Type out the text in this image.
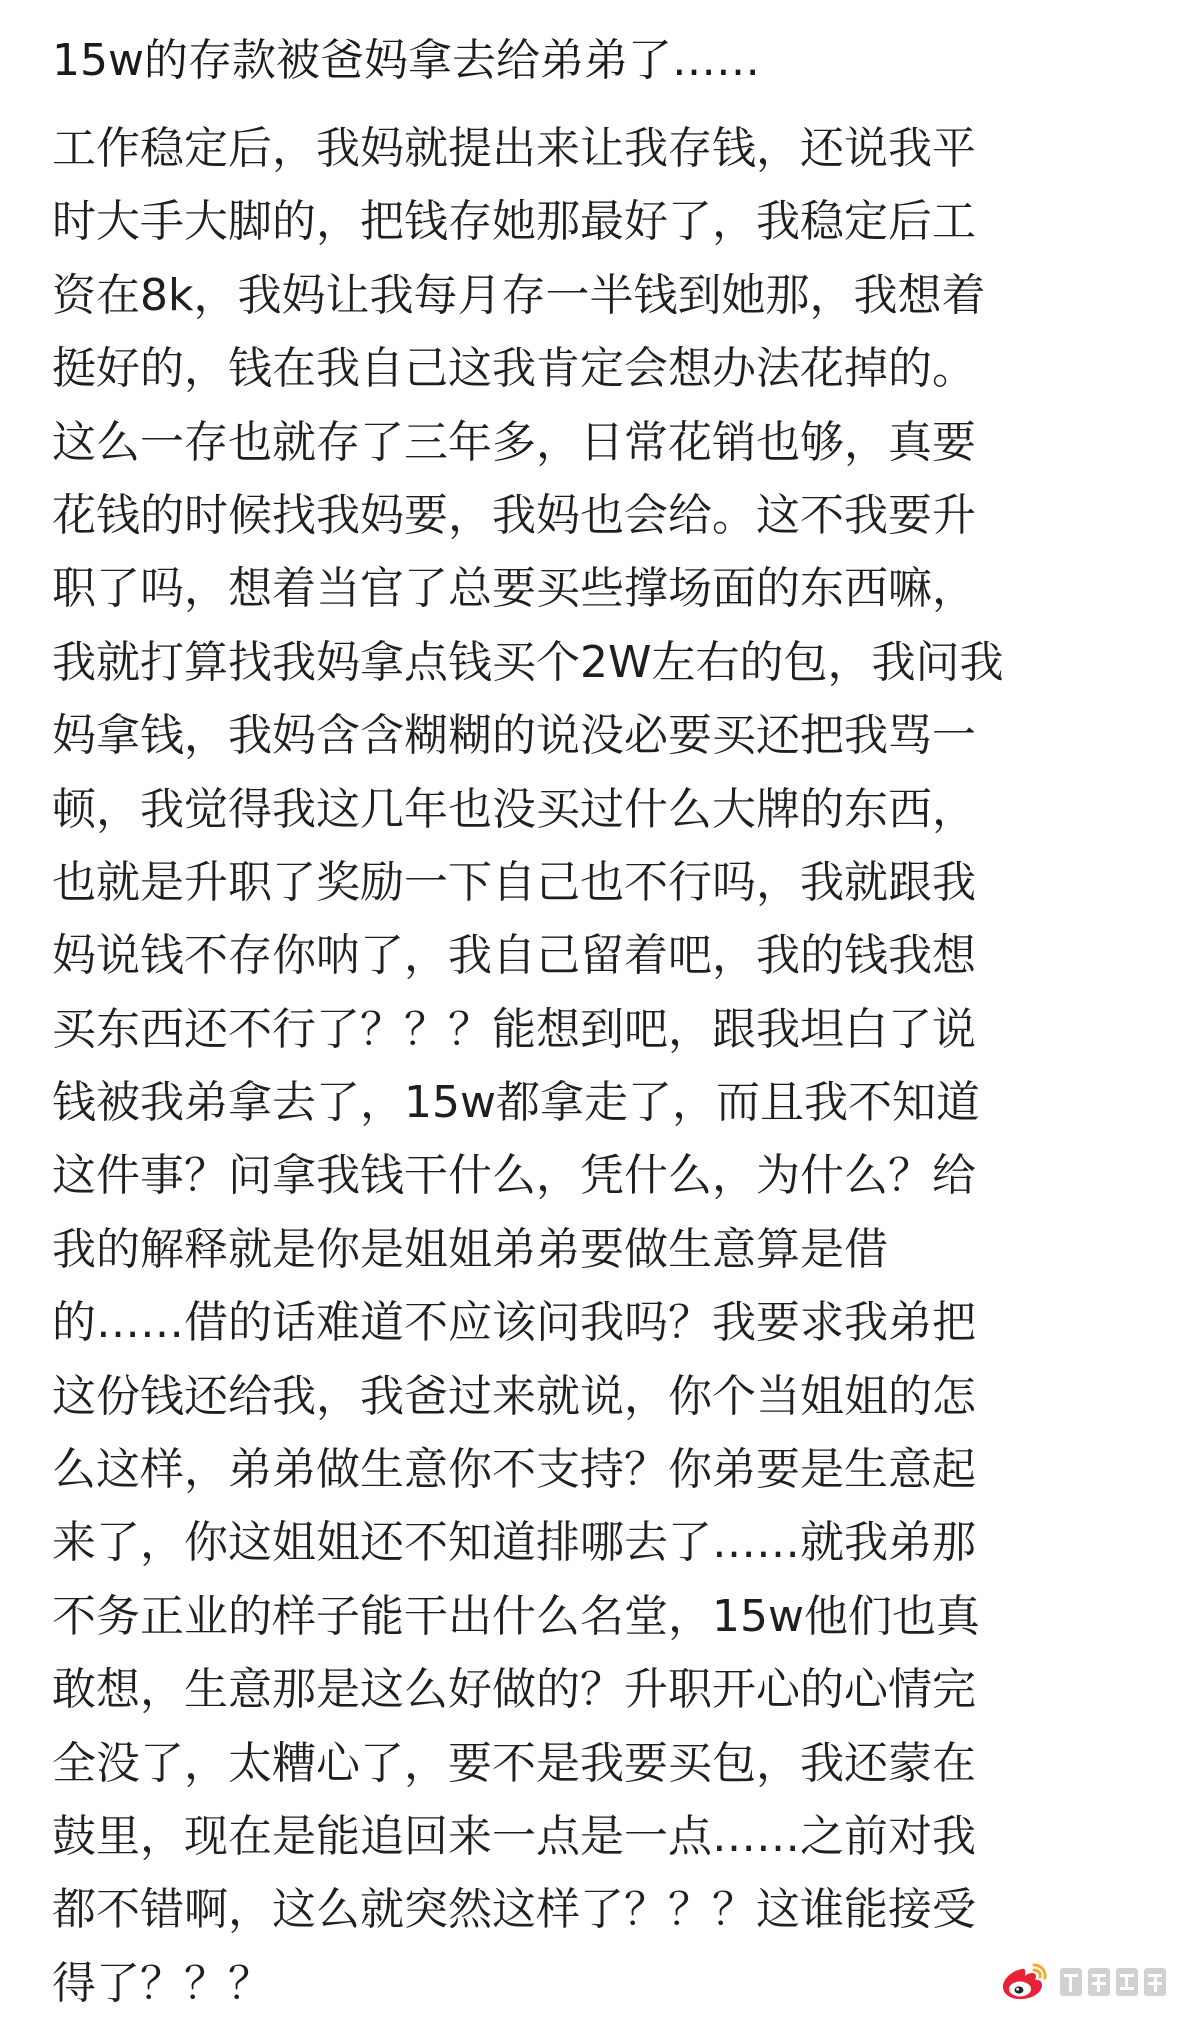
15w的存款被爸妈拿去给弟弟了……
工作稳定后，我妈就提出来让我存钱，还说我平
时大手大脚的，把钱存她那最好了，我稳定后工
资在8k，我妈让我每月存一半钱到她那，我想着
挺好的，钱在我自己这我肯定会想办法花掉的。
这么一存也就存了三年多，日常花销也够，真要
花钱的时候找我妈要，我妈也会给。这不我要升
职了吗，想着当官了总要买些撑场面的东西嘛，
我就打算找我妈拿点钱买个2W左右的包，我问我
妈拿钱，我妈含含糊糊的说没必要买还把我骂一
顿，我觉得我这几年也没买过什么大牌的东西，
也就是升职了奖励一下自己也不行吗，我就跟我
妈说钱不存你呐了，我自己留着吧，我的钱我想
买东西还不行了？？？能想到吧，跟我坦白了说
钱被我弟拿去了，15w都拿走了，而且我不知道
这件事？问拿我钱干什么，凭什么，为什么？给
我的解释就是你是姐姐弟弟要做生意算是借
的……借的话难道不应该问我吗？我要求我弟把
这份钱还给我，我爸过来就说，你个当姐姐的怎
么这样，弟弟做生意你不支持？你弟要是生意起
来了，你这姐姐还不知道排哪去了……就我弟那
不务正业的样子能干出什么名堂，15w他们也真
敢想，生意那是这么好做的？升职开心的心情完
全没了，太糟心了，要不是我要买包，我还蒙在
鼓里，现在是能追回来一点是一点……之前对我
都不错啊，这么就突然这样了？？？这谁能接受
得了？？？
